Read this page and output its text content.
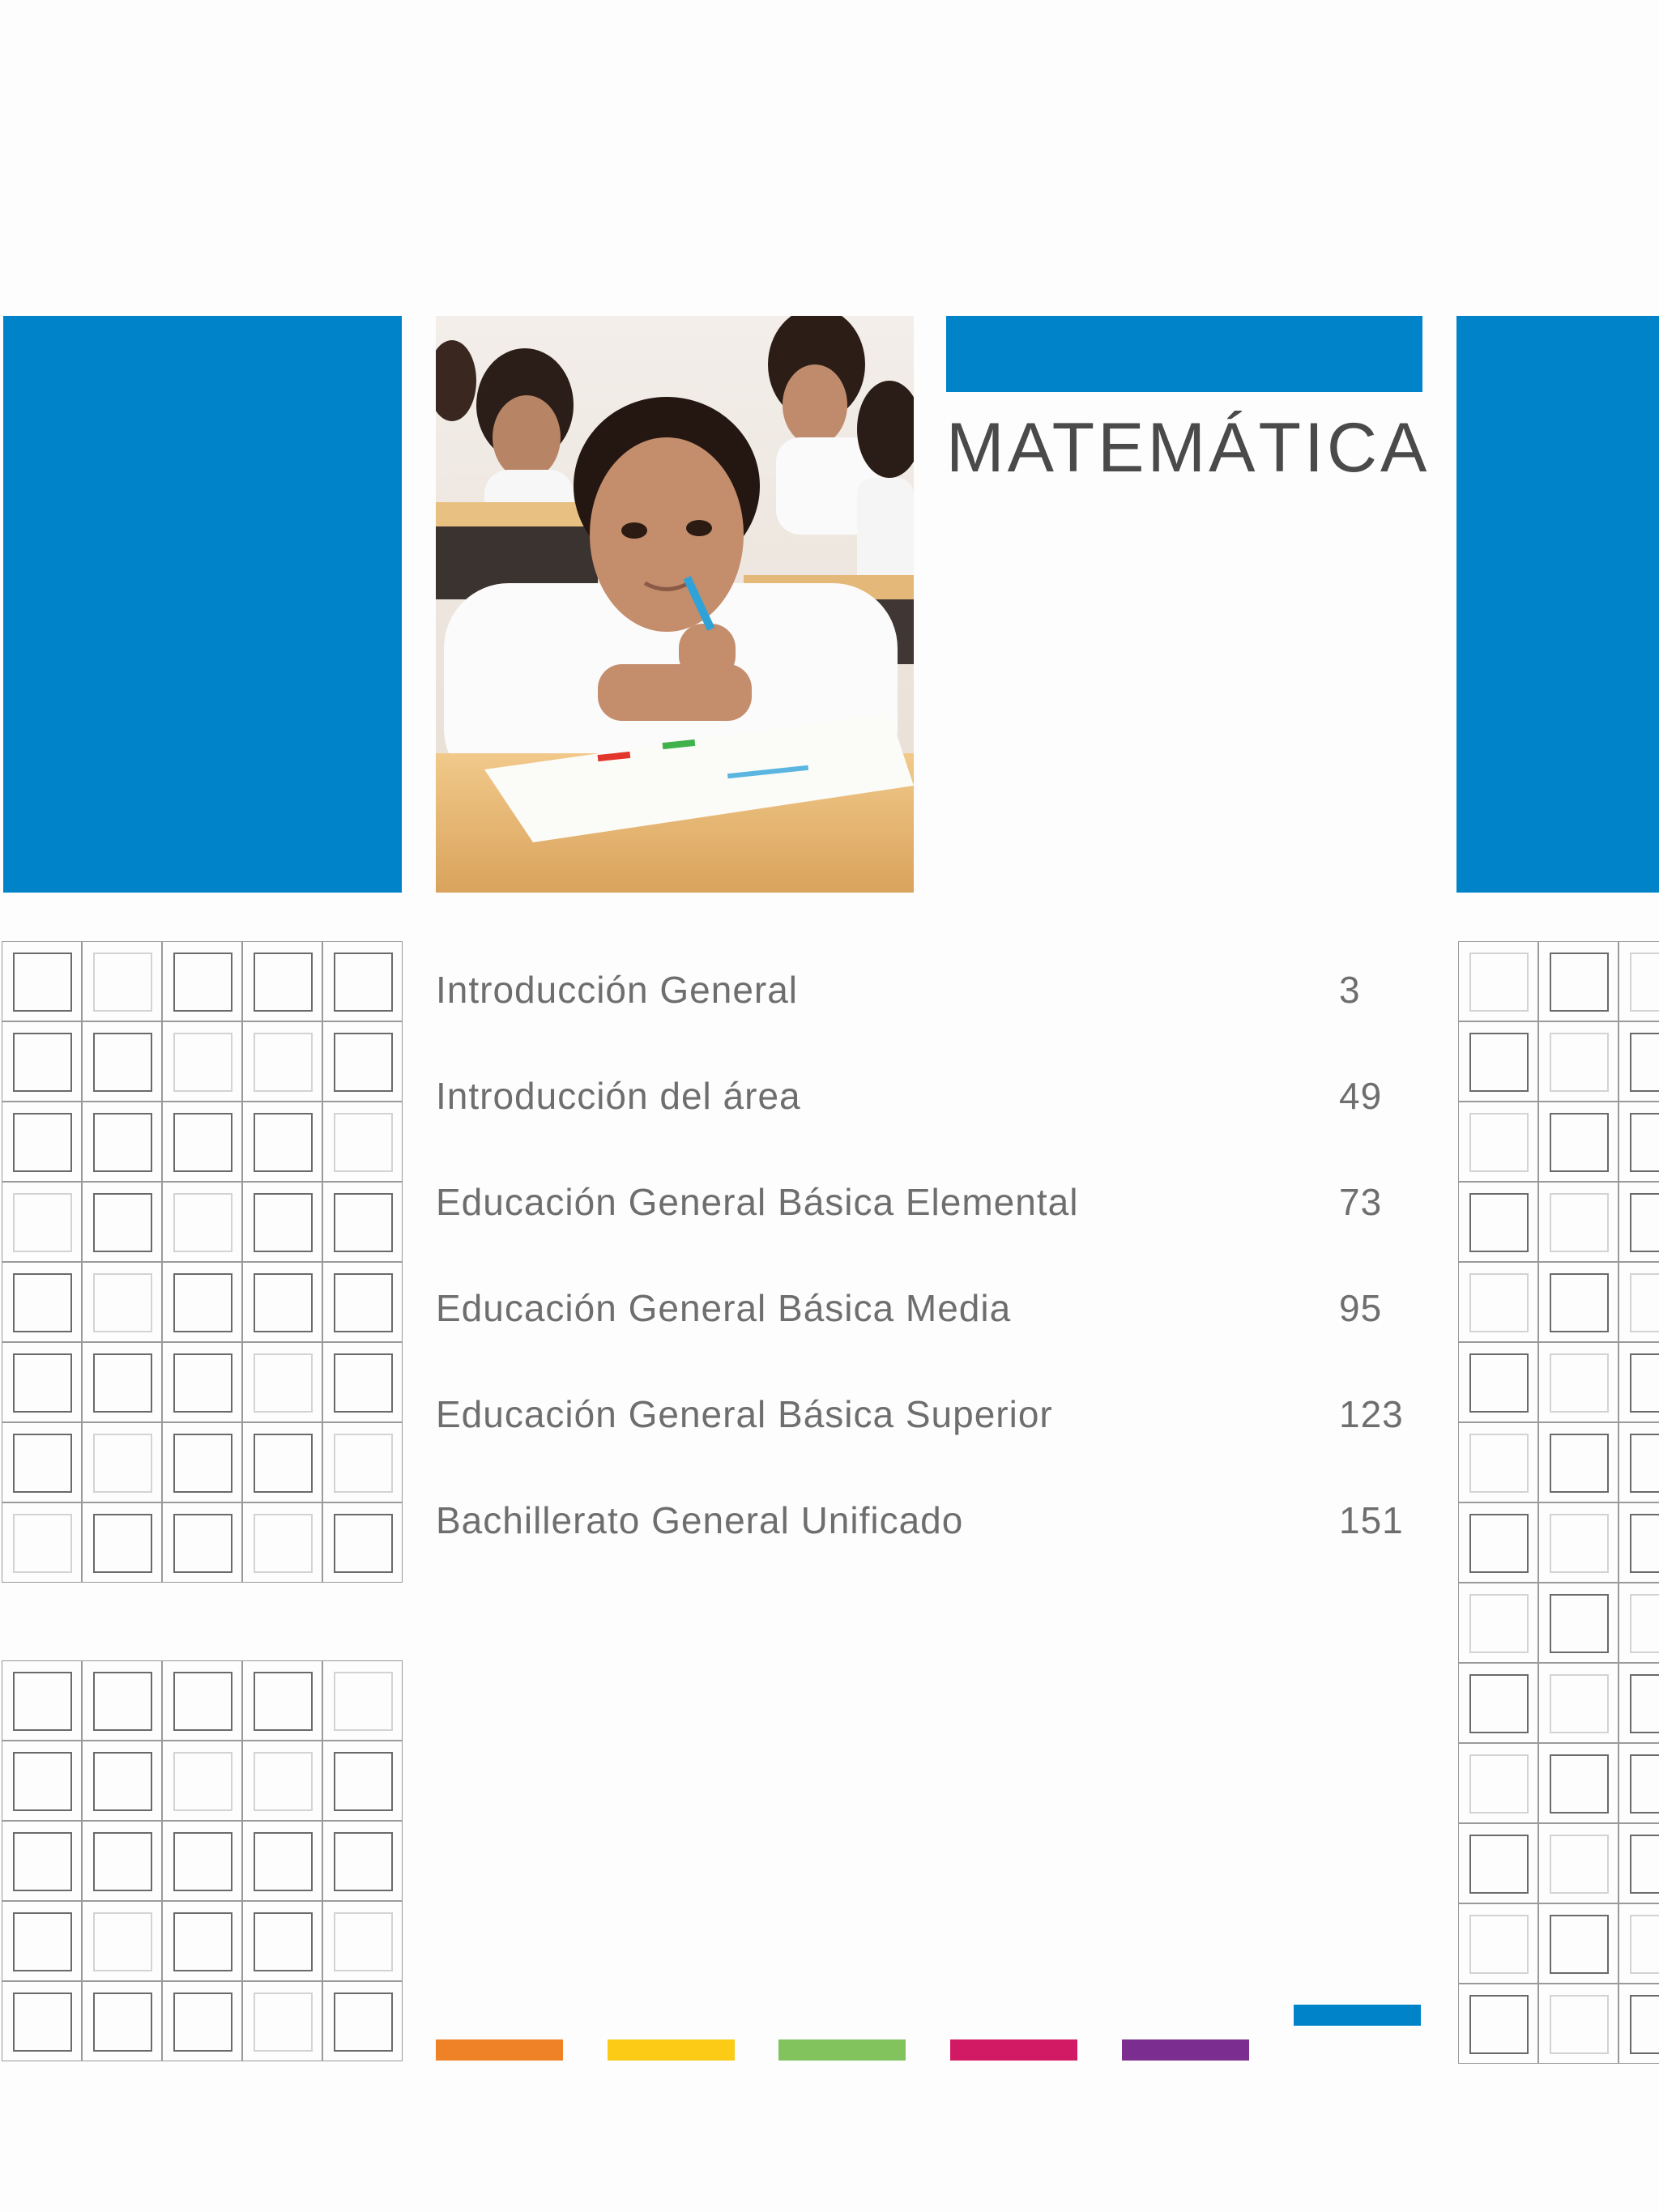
MATEMÁTICA
Introducción General	3
Introducción del área	49
Educación General Básica Elemental	73
Educación General Básica Media	95
Educación General Básica Superior	123
Bachillerato General Unificado	151
